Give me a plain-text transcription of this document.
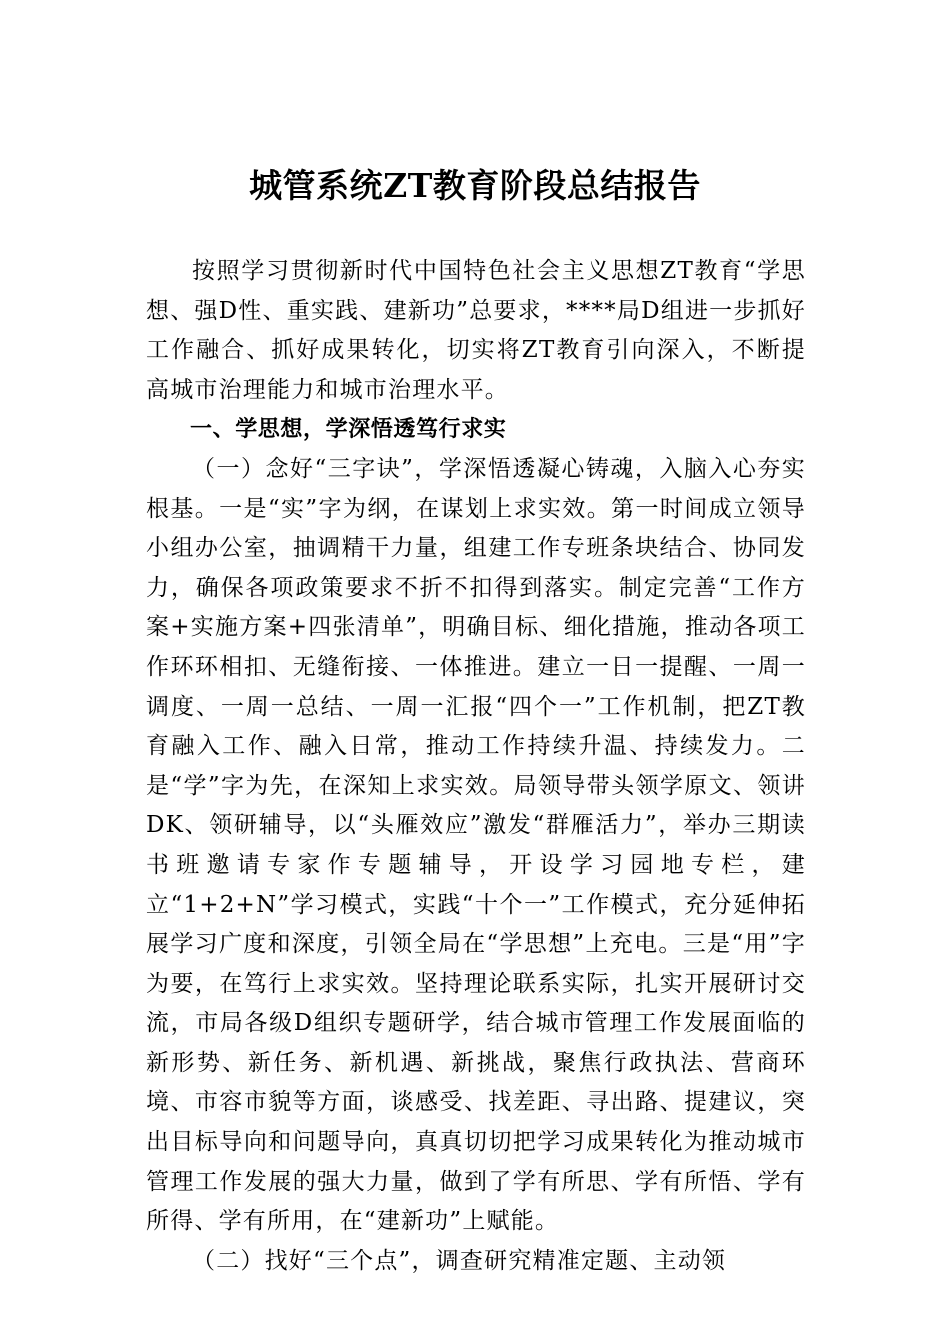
城管系统ZT教育阶段总结报告

按照学习贯彻新时代中国特色社会主义思想ZT教育“学思想、强D性、重实践、建新功”总要求，****局D组进一步抓好工作融合、抓好成果转化，切实将ZT教育引向深入，不断提高城市治理能力和城市治理水平。

一、学思想，学深悟透笃行求实

（一）念好“三字诀”，学深悟透凝心铸魂，入脑入心夯实根基。一是“实”字为纲，在谋划上求实效。第一时间成立领导小组办公室，抽调精干力量，组建工作专班条块结合、协同发力，确保各项政策要求不折不扣得到落实。制定完善“工作方案+实施方案+四张清单”，明确目标、细化措施，推动各项工作环环相扣、无缝衔接、一体推进。建立一日一提醒、一周一调度、一周一总结、一周一汇报“四个一”工作机制，把ZT教育融入工作、融入日常，推动工作持续升温、持续发力。二是“学”字为先，在深知上求实效。局领导带头领学原文、领讲DK、领研辅导，以“头雁效应”激发“群雁活力”，举办三期读书班邀请专家作专题辅导，开设学习园地专栏，建立“1+2+N”学习模式，实践“十个一”工作模式，充分延伸拓展学习广度和深度，引领全局在“学思想”上充电。三是“用”字为要，在笃行上求实效。坚持理论联系实际，扎实开展研讨交流，市局各级D组织专题研学，结合城市管理工作发展面临的新形势、新任务、新机遇、新挑战，聚焦行政执法、营商环境、市容市貌等方面，谈感受、找差距、寻出路、提建议，突出目标导向和问题导向，真真切切把学习成果转化为推动城市管理工作发展的强大力量，做到了学有所思、学有所悟、学有所得、学有所用，在“建新功”上赋能。

（二）找好“三个点”，调查研究精准定题、主动领
